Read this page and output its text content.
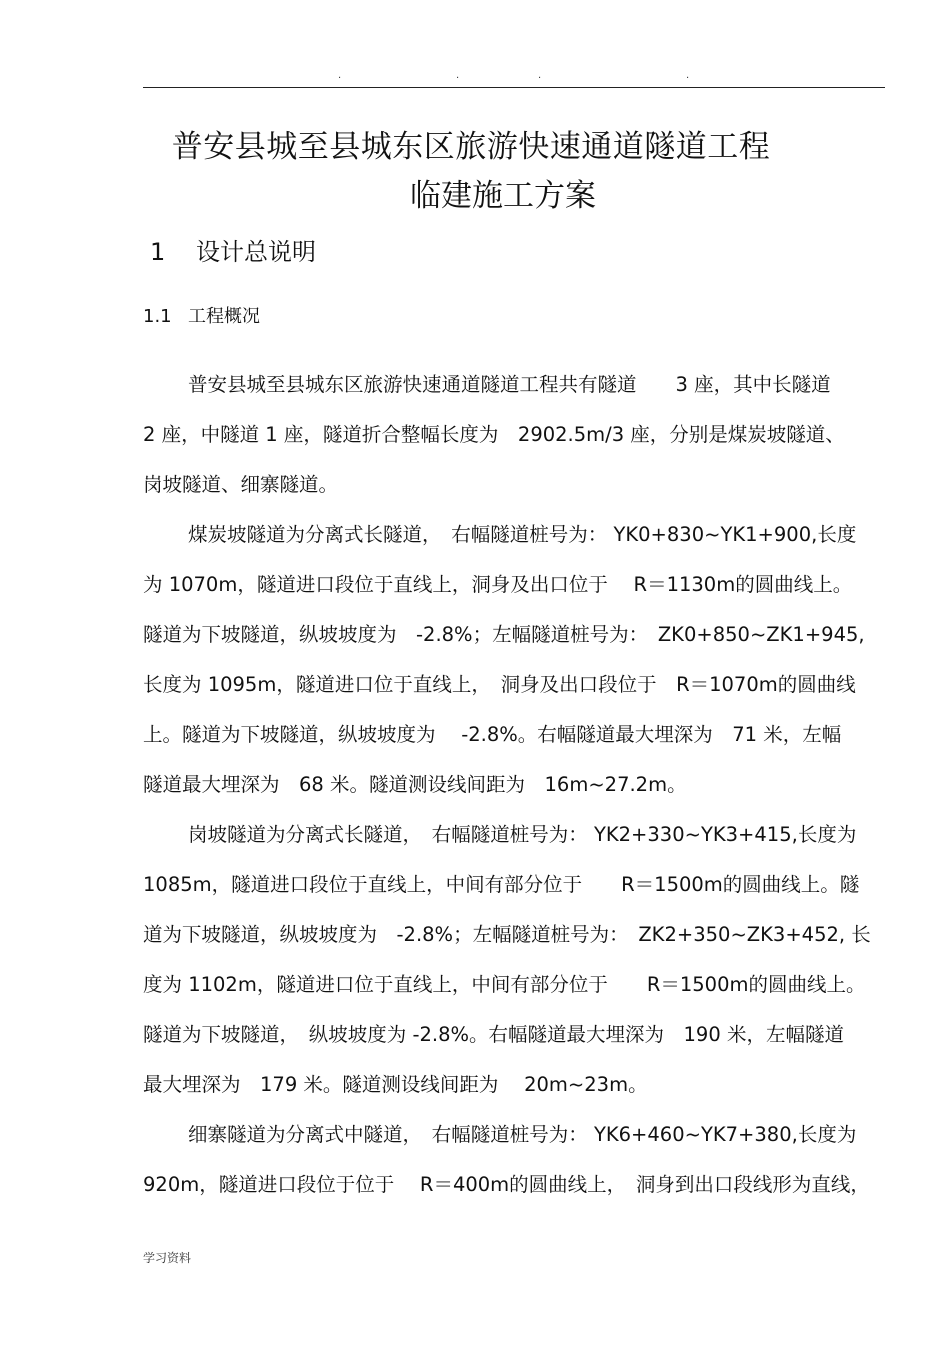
.	.	.	.
普安县城至县城东区旅游快速通道隧道工程
临建施工方案
1 设计总说明
1.1 工程概况
普安县城至县城东区旅游快速通道隧道工程共有隧道　　3 座，其中长隧道
2 座，中隧道 1 座，隧道折合整幅长度为　2902.5m/3 座，分别是煤炭坡隧道、
岗坡隧道、细寨隧道。
煤炭坡隧道为分离式长隧道，　右幅隧道桩号为： YK0+830~YK1+900,长度
为 1070m，隧道进口段位于直线上，洞身及出口位于　 R＝1130m的圆曲线上。
隧道为下坡隧道，纵坡坡度为　-2.8%；左幅隧道桩号为：　ZK0+850~ZK1+945,
长度为 1095m，隧道进口位于直线上，　洞身及出口段位于　R＝1070m的圆曲线
上。隧道为下坡隧道，纵坡坡度为　 -2.8%。右幅隧道最大埋深为　71 米，左幅
隧道最大埋深为　68 米。隧道测设线间距为　16m~27.2m。
岗坡隧道为分离式长隧道，　右幅隧道桩号为： YK2+330~YK3+415,长度为
1085m，隧道进口段位于直线上，中间有部分位于　　R＝1500m的圆曲线上。隧
道为下坡隧道，纵坡坡度为　-2.8%；左幅隧道桩号为：　ZK2+350~ZK3+452, 长
度为 1102m，隧道进口位于直线上，中间有部分位于　　R＝1500m的圆曲线上。
隧道为下坡隧道，　纵坡坡度为 -2.8%。右幅隧道最大埋深为　190 米，左幅隧道
最大埋深为　179 米。隧道测设线间距为　 20m~23m。
细寨隧道为分离式中隧道，　右幅隧道桩号为： YK6+460~YK7+380,长度为
920m，隧道进口段位于位于　 R＝400m的圆曲线上，　洞身到出口段线形为直线，
学习资料
